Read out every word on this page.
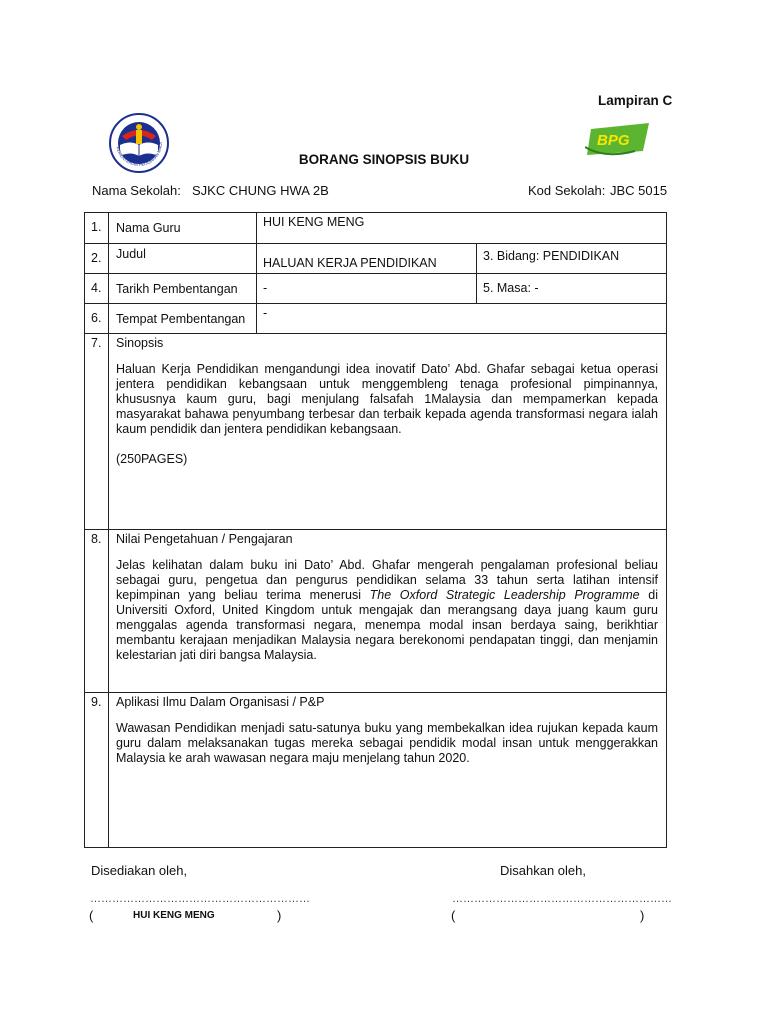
Lampiran C
KEMENTERIAN PELAJARAN MALA	BPG
BORANG SINOPSIS BUKU
Nama Sekolah: SJKC CHUNG HWA 2B	Kod Sekolah: JBC 5015
1.	Nama Guru	HUI KENG MENG	
2.	Judul	HALUAN KERJA PENDIDIKAN	3. Bidang: PENDIDIKAN
4.	Tarikh Pembentangan	-	5. Masa: -
6.	Tempat Pembentangan	-	
7.	Sinopsis

Haluan Kerja Pendidikan mengandungi idea inovatif Dato’ Abd. Ghafar sebagai ketua operasi jentera pendidikan kebangsaan untuk menggembleng tenaga profesional pimpinannya, khususnya kaum guru, bagi menjulang falsafah 1Malaysia dan mempamerkan kepada masyarakat bahawa penyumbang terbesar dan terbaik kepada agenda transformasi negara ialah kaum pendidik dan jentera pendidikan kebangsaan.

(250PAGES)		

8.	Nilai Pengetahuan / Pengajaran

Jelas kelihatan dalam buku ini Dato’ Abd. Ghafar mengerah pengalaman profesional beliau sebagai guru, pengetua dan pengurus pendidikan selama 33 tahun serta latihan intensif kepimpinan yang beliau terima menerusi The Oxford Strategic Leadership Programme di Universiti Oxford, United Kingdom untuk mengajak dan merangsang daya juang kaum guru menggalas agenda transformasi negara, menempa modal insan berdaya saing, berikhtiar membantu kerajaan menjadikan Malaysia negara berekonomi pendapatan tinggi, dan menjamin kelestarian jati diri bangsa Malaysia.		

9.	Aplikasi Ilmu Dalam Organisasi / P&P

Wawasan Pendidikan menjadi satu-satunya buku yang membekalkan idea rujukan kepada kaum guru dalam melaksanakan tugas mereka sebagai pendidik modal insan untuk menggerakkan Malaysia ke arah wawasan negara maju menjelang tahun 2020.		

Disediakan oleh,	Disahkan oleh,
……………………………………………………	……………………………………………………
(	HUI KENG MENG	)	(	)
